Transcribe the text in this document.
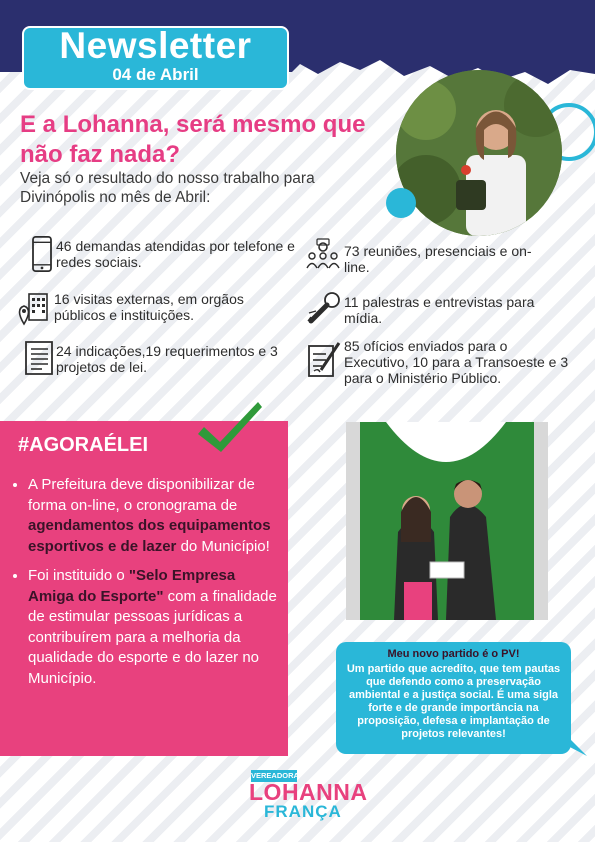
Newsletter
04 de Abril
E a Lohanna, será mesmo que não faz nada?
Veja só o resultado do nosso trabalho para Divinópolis no mês de Abril:
46 demandas atendidas por telefone e redes sociais.
73 reuniões, presenciais e on-line.
16 visitas externas, em orgãos públicos e instituições.
11 palestras e entrevistas para mídia.
24 indicações,19 requerimentos e 3 projetos de lei.
85 ofícios enviados para o Executivo, 10 para a Transoeste e 3 para o Ministério Público.
#AGORAÉLEI
• A Prefeitura deve disponibilizar de forma on-line, o cronograma de agendamentos dos equipamentos esportivos e de lazer do Município!
• Foi instituido o "Selo Empresa Amiga do Esporte" com a finalidade de estimular pessoas jurídicas a contribuírem para a melhoria da qualidade do esporte e do lazer no Município.
Meu novo partido é o PV!
Um partido que acredito, que tem pautas que defendo como a preservação ambiental e a justiça social. É uma sigla forte e de grande importância na proposição, defesa e implantação de projetos relevantes!
VEREADORA
LOHANNA
FRANÇA
